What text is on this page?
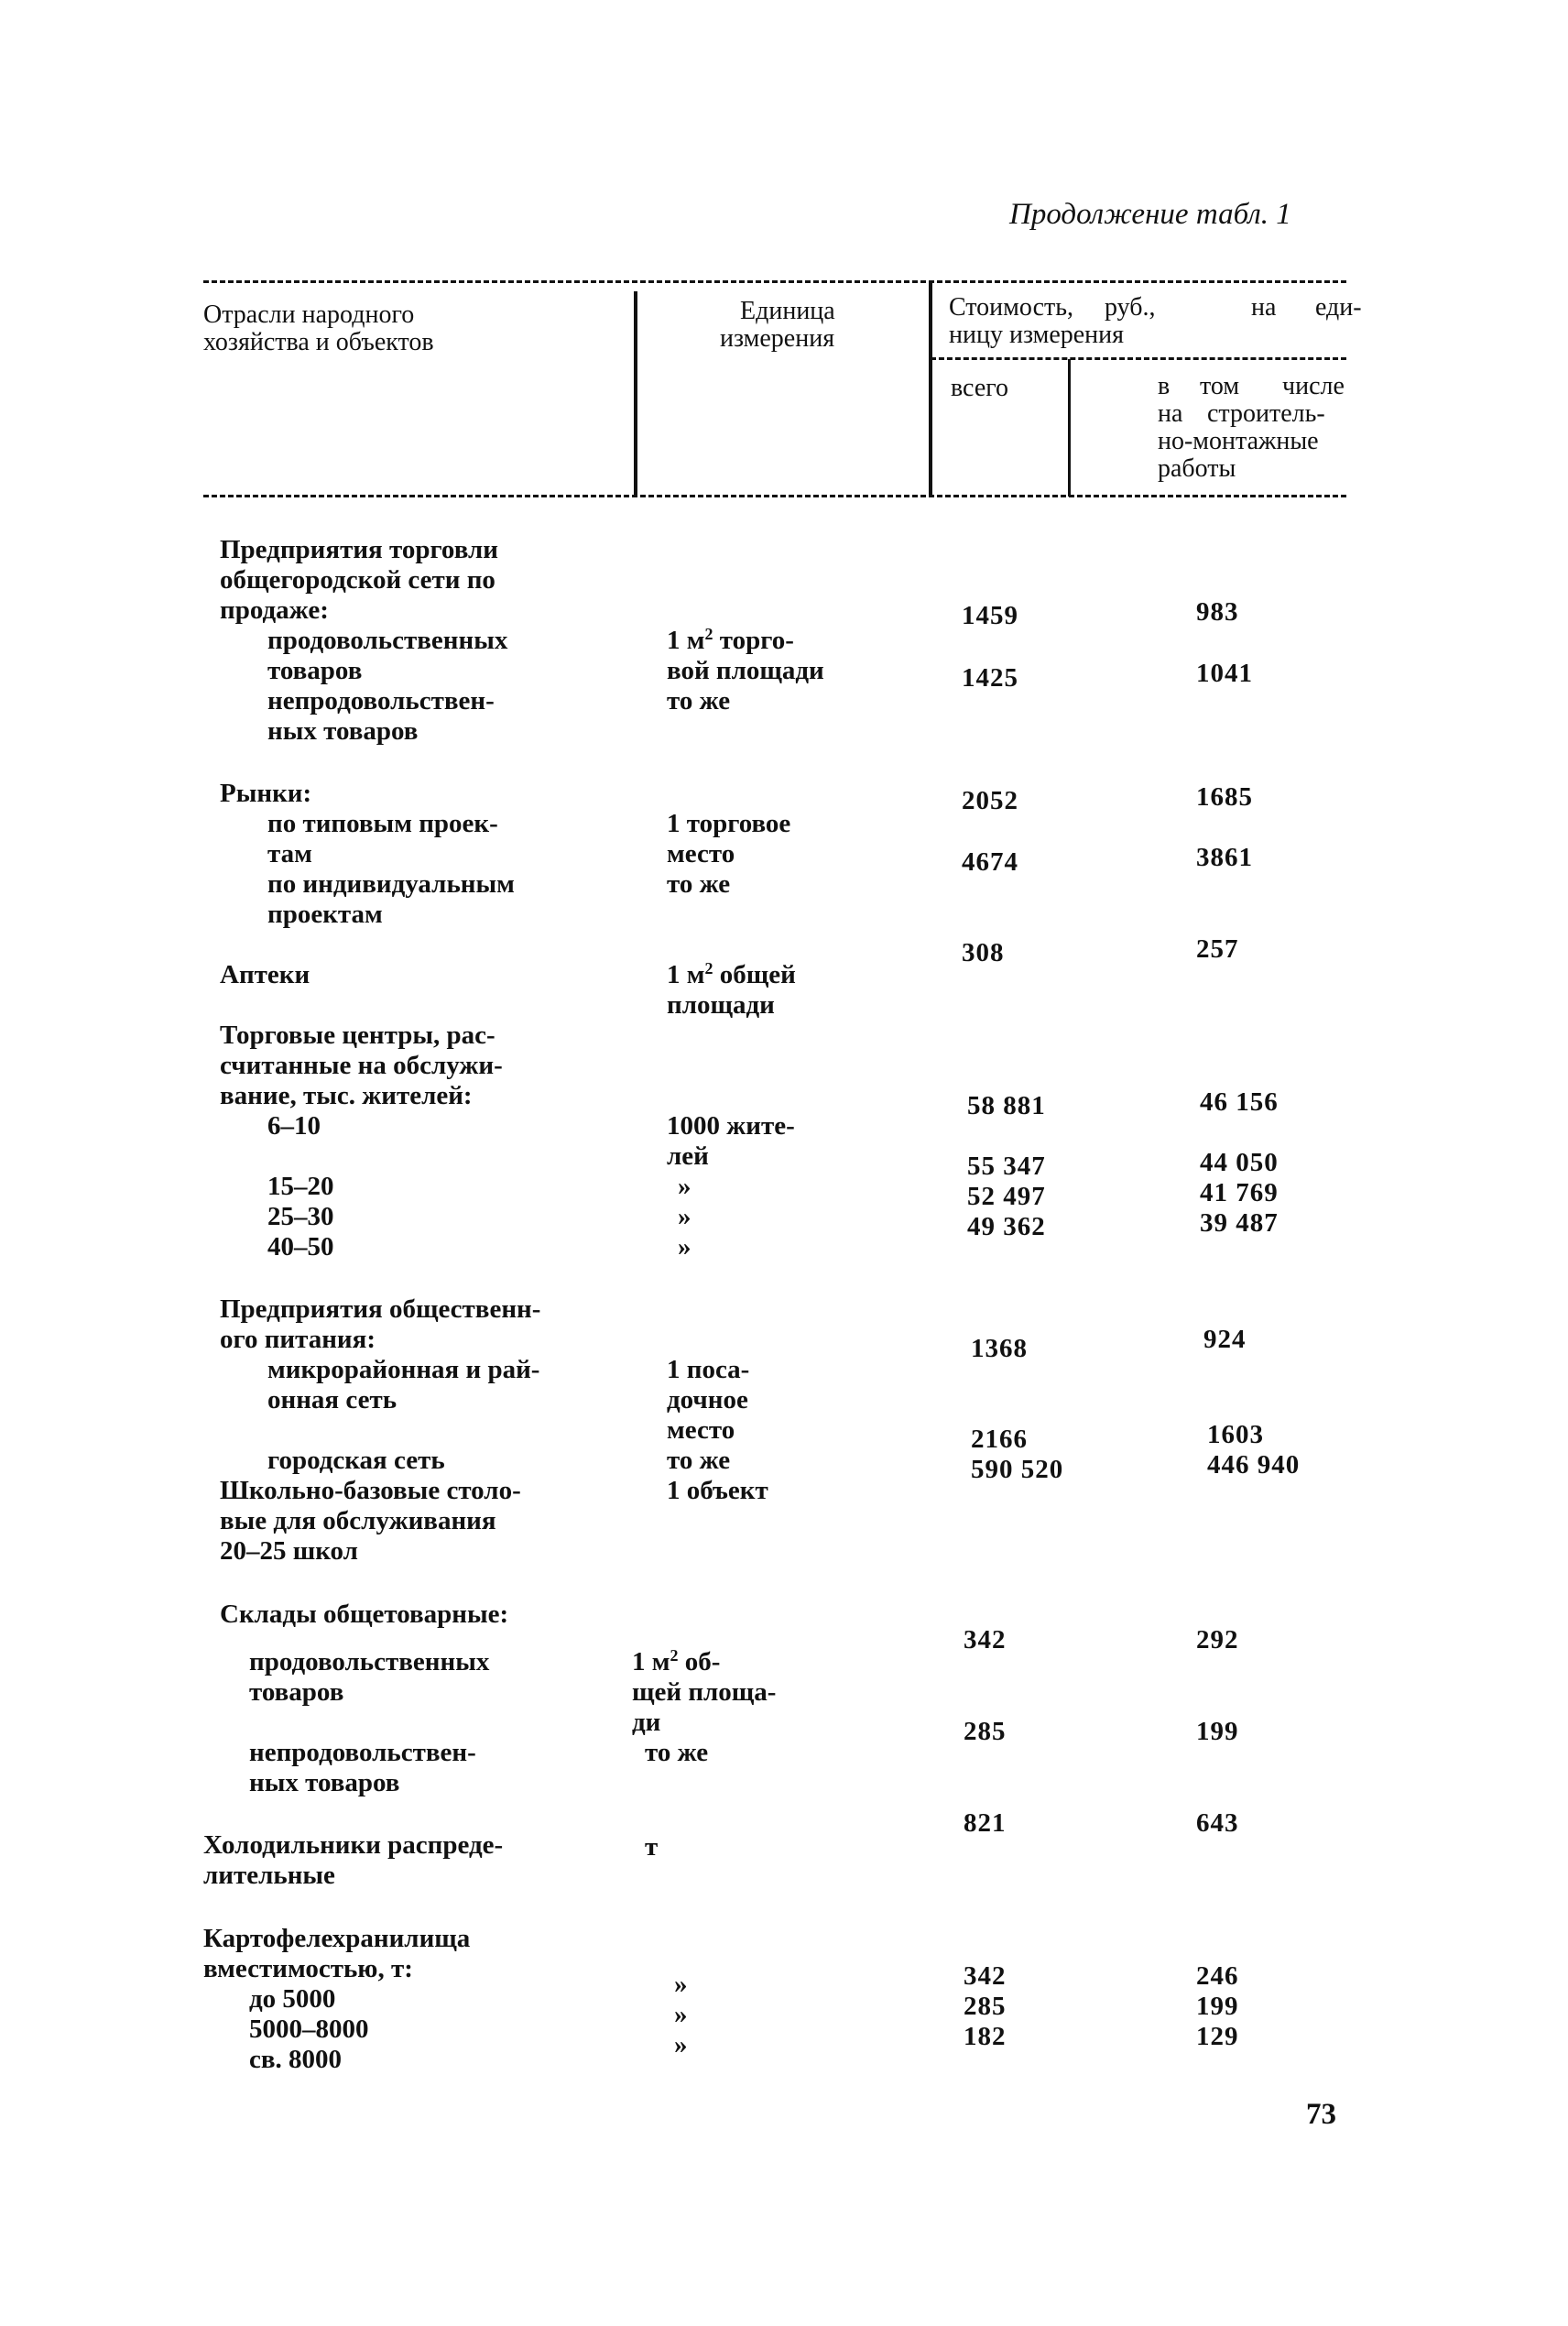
Продолжение табл. 1
Отрасли народного
хозяйства и объектов
Единица
измерения
Стоимость, руб.,	на еди-
ницу измерения
всего	в том числе
на строитель-
но-монтажные
работы
Предприятия торговли
общегородской сети по
продаже:
продовольственных
товаров
непродовольствен-
ных товаров
Рынки:
по типовым проек-
там
по индивидуальным
проектам
Аптеки
Торговые центры, рас-
считанные на обслужи-
вание, тыс. жителей:
6–10
15–20
25–30
40–50
Предприятия общественн-
ого питания:
микрорайонная и рай-
онная сеть
городская сеть
Школьно-базовые столо-
вые для обслуживания
20–25 школ
Склады общетоварные:
продовольственных
товаров
непродовольствен-
ных товаров
Холодильники распреде-
лительные
Картофелехранилища
вместимостью, т:
до 5000
5000–8000
св. 8000
1 $м^2$ торго-
вой площади
то же
1 торговое
место
то же
1 $м^2$ общей
площади
1000 жите-
лей
»
»
»
1 поса-
дочное
место
то же
1 объект
1 $м^2$ об-
щей площа-
ди
то же
т
»
»
»
1459
1425
2052
4674
308
58 881
55 347
52 497
49 362
1368
2166
590 520
342
285
821
342
285
182
983
1041
1685
3861
257
46 156
44 050
41 769
39 487
924
1603
446 940
292
199
643
246
199
129
73
